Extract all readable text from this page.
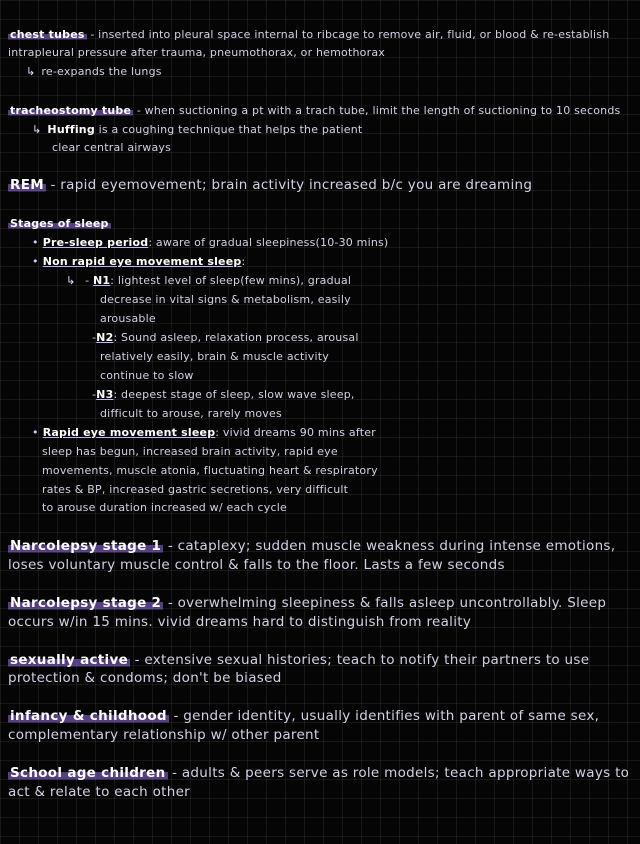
chest tubes - inserted into pleural space internal to ribcage to remove air, fluid, or blood & re-establish
intrapleural pressure after trauma, pneumothorax, or hemothorax
↳ re-expands the lungs
tracheostomy tube - when suctioning a pt with a trach tube, limit the length of suctioning to 10 seconds
↳ Huffing is a coughing technique that helps the patient
clear central airways
REM - rapid eyemovement; brain activity increased b/c you are dreaming
Stages of sleep
• Pre-sleep period: aware of gradual sleepiness(10-30 mins)
• Non rapid eye movement sleep:
↳ - N1: lightest level of sleep(few mins), gradual
decrease in vital signs & metabolism, easily
arousable
-N2: Sound asleep, relaxation process, arousal
relatively easily, brain & muscle activity
continue to slow
-N3: deepest stage of sleep, slow wave sleep,
difficult to arouse, rarely moves
• Rapid eye movement sleep: vivid dreams 90 mins after
sleep has begun, increased brain activity, rapid eye
movements, muscle atonia, fluctuating heart & respiratory
rates & BP, increased gastric secretions, very difficult
to arouse duration increased w/ each cycle
Narcolepsy stage 1 - cataplexy; sudden muscle weakness during intense emotions,
loses voluntary muscle control & falls to the floor. Lasts a few seconds
Narcolepsy stage 2 - overwhelming sleepiness & falls asleep uncontrollably. Sleep
occurs w/in 15 mins. vivid dreams hard to distinguish from reality
sexually active - extensive sexual histories; teach to notify their partners to use
protection & condoms; don't be biased
infancy & childhood - gender identity, usually identifies with parent of same sex,
complementary relationship w/ other parent
School age children - adults & peers serve as role models; teach appropriate ways to
act & relate to each other
